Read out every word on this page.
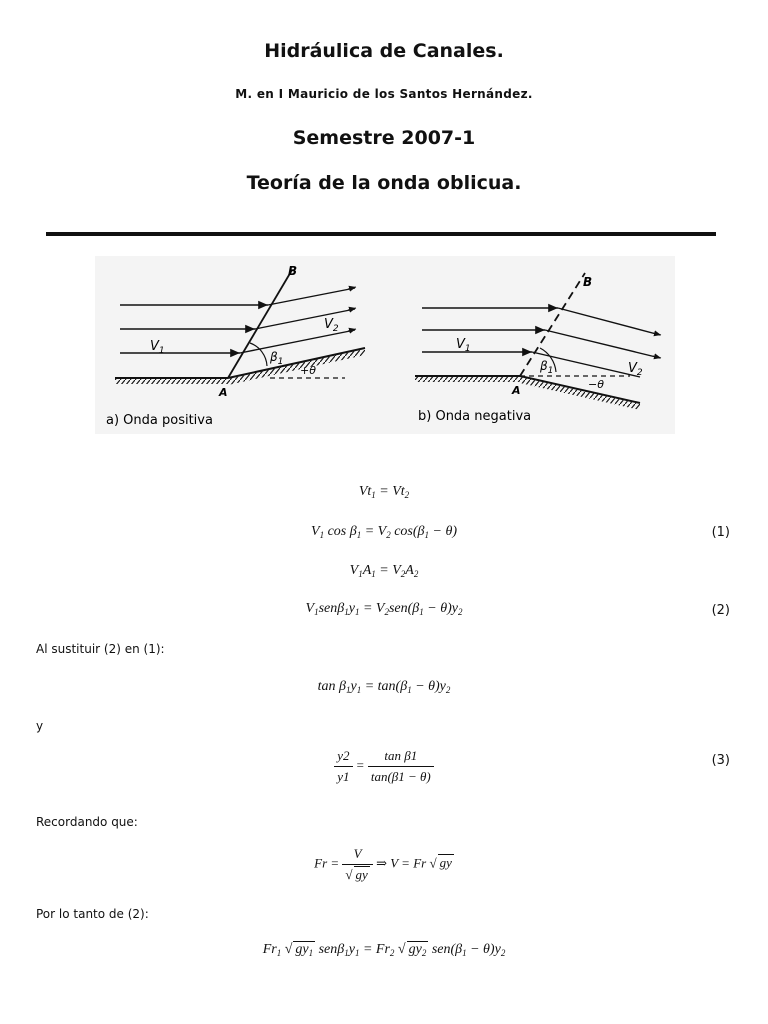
Hidráulica de Canales.
M. en I Mauricio de los Santos Hernández.
Semestre 2007-1
Teoría de la onda oblicua.
B
A
$V_1$
$V_2$
$\beta_1$
+θ
a) Onda positiva
B
A
$V_1$
$V_2$
$\beta_1$
−θ
b) Onda negativa
$Vt_1 = Vt_2$
$V_1$ $\cos \beta_1 = V_2$ $\cos(\beta_1 - \theta)$	(1)
$V_1A_1 = V_2A_2$
$V_1sen\beta_1y_1 = V_2sen(\beta_1 - \theta)y_2$	(2)
Al sustituir (2) en (1):
$\tan \beta_1y_1 = \tan(\beta_1 - \theta)y_2$
y
$\frac{y2}{y1} = \frac{\text{tan β1}}{\tan(\beta 1 - \theta)}$	(3)
Recordando que:
$Fr = \frac{V}{√ gy}$ ⇒ V = Fr √ gy
Por lo tanto de (2):
$Fr_1$ √ $gy_1$ $sen\beta_1y_1 = Fr_2$ √ $gy_2$ $sen(\beta_1 - \theta)y_2$
